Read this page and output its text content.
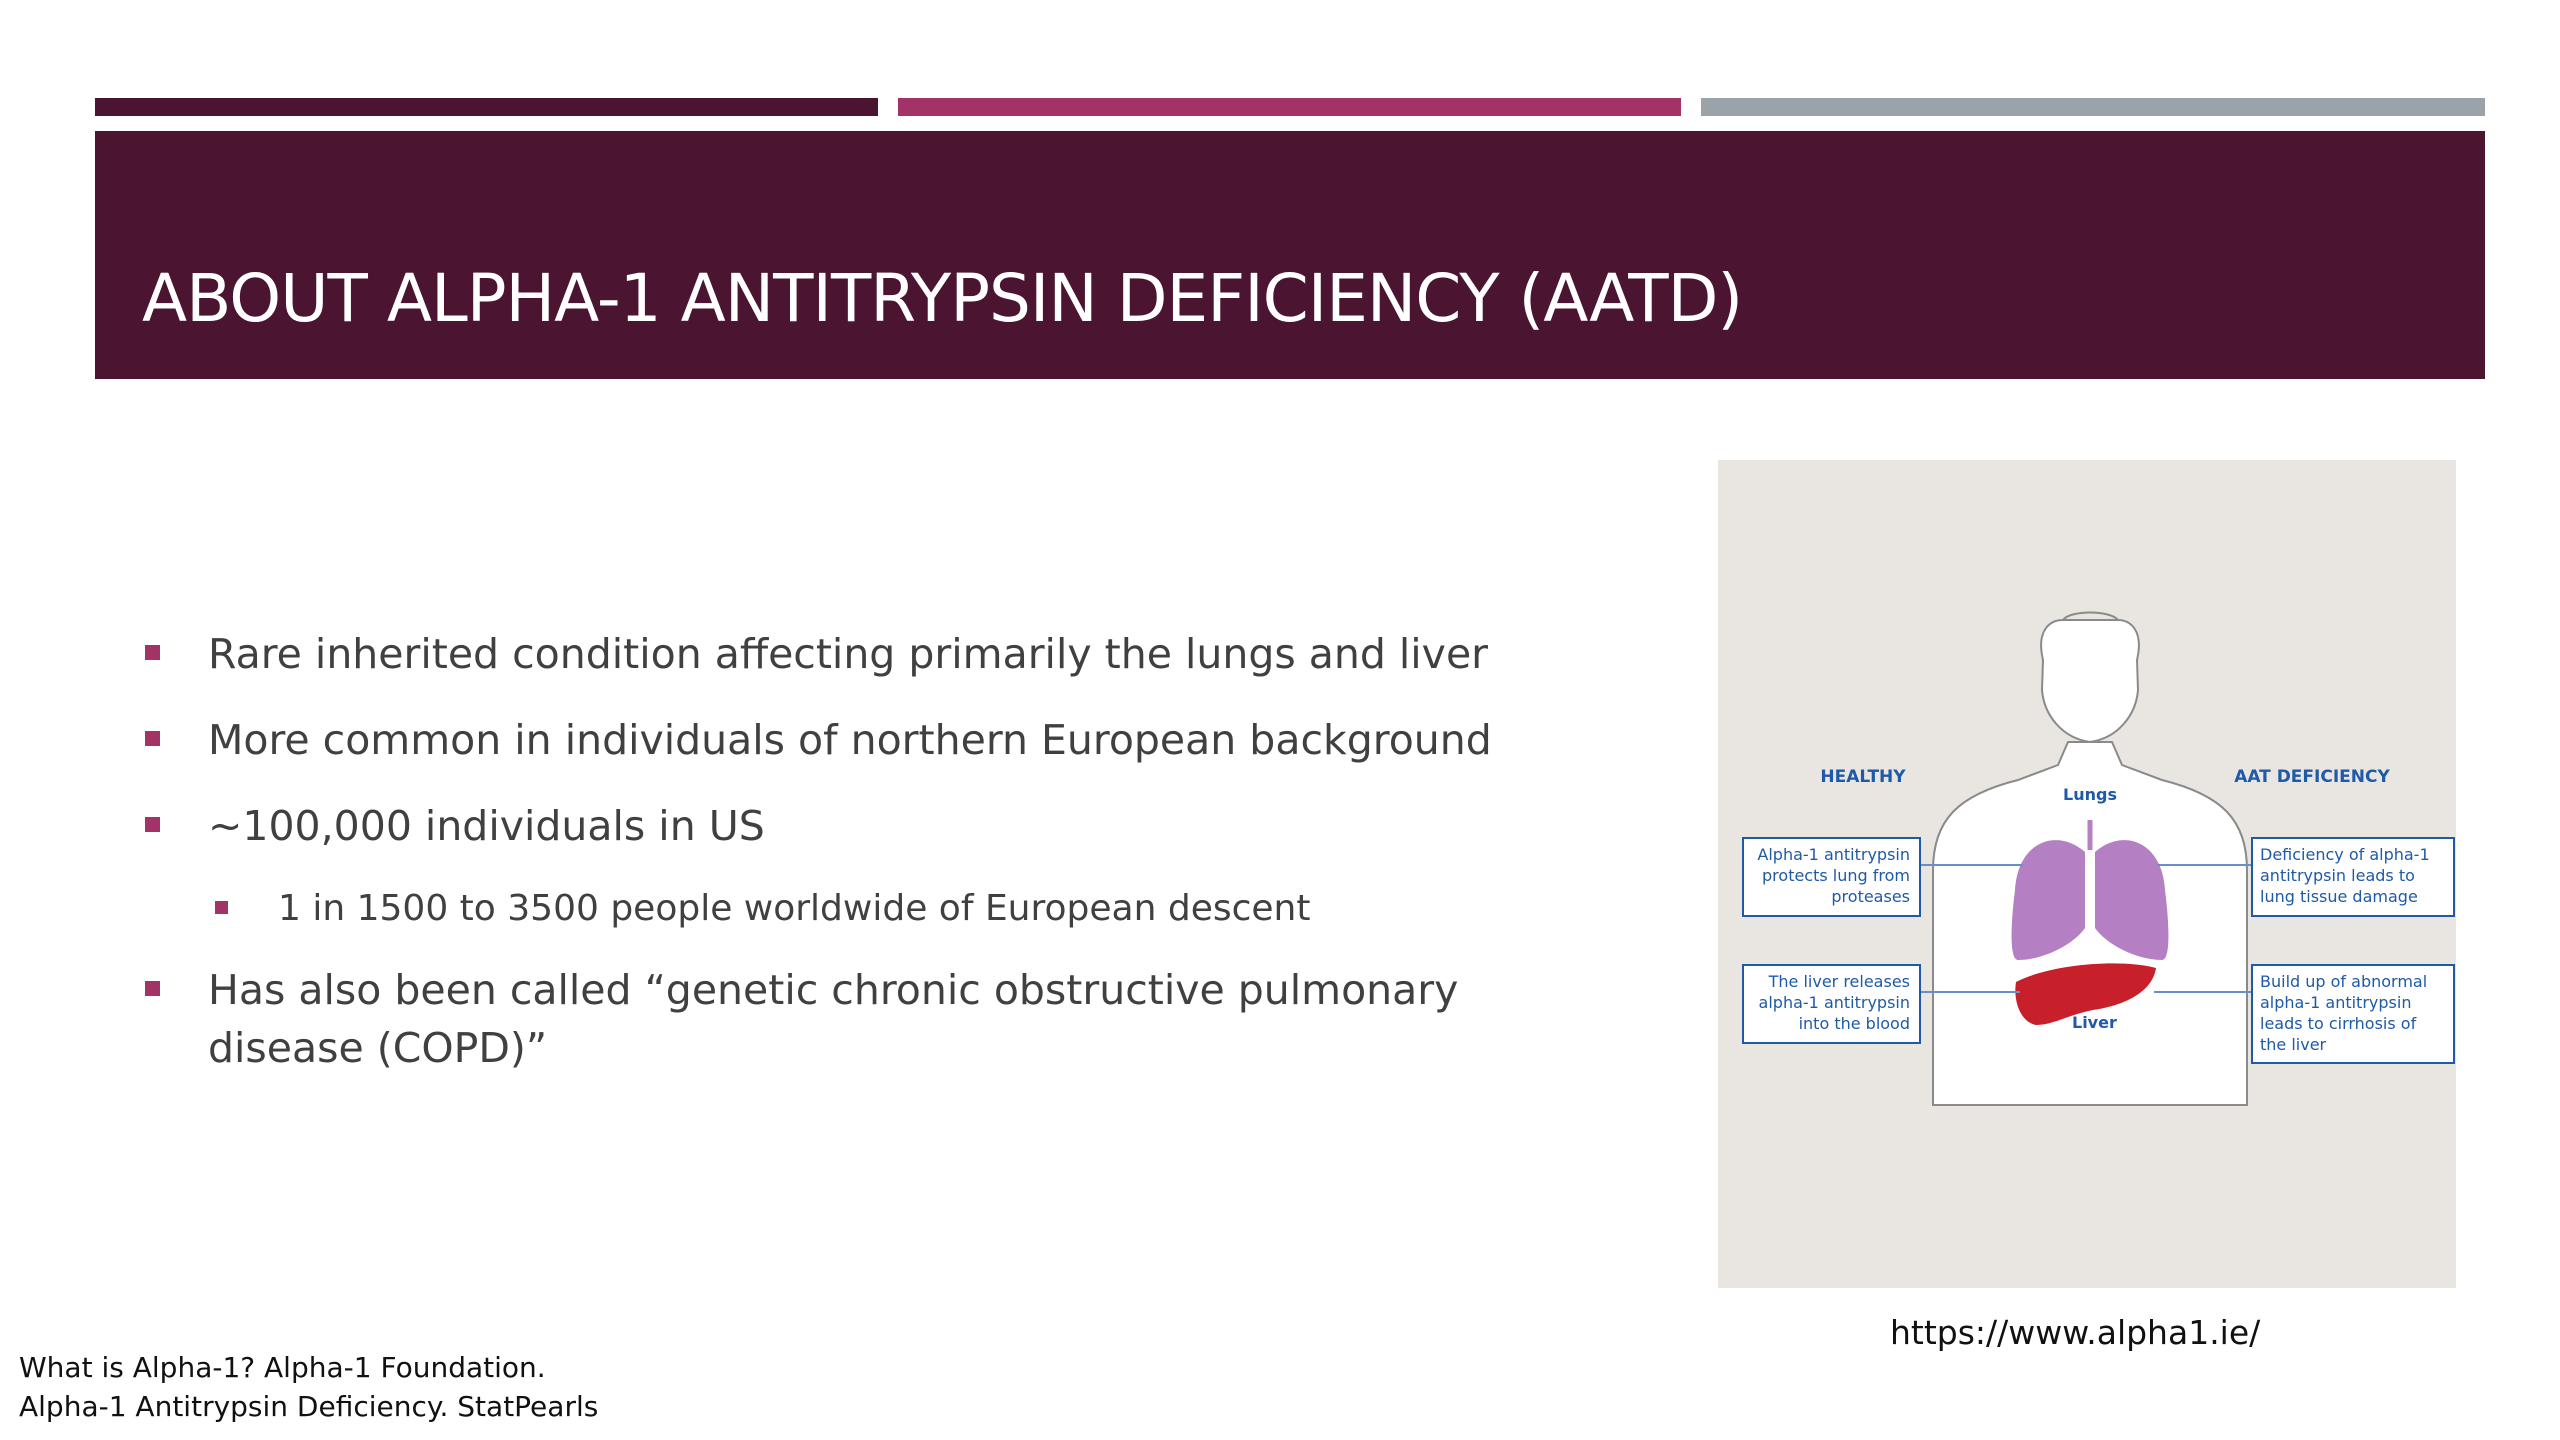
ABOUT ALPHA-1 ANTITRYPSIN DEFICIENCY (AATD)
Rare inherited condition affecting primarily the lungs and liver
More common in individuals of northern European background
~100,000 individuals in US
1 in 1500 to 3500 people worldwide of European descent
Has also been called “genetic chronic obstructive pulmonary disease (COPD)”
HEALTHY	AAT DEFICIENCY
Lungs
Liver
Alpha-1 antitrypsin
protects lung from
proteases
The liver releases
alpha-1 antitrypsin
into the blood
Deficiency of alpha-1
antitrypsin leads to
lung tissue damage
Build up of abnormal
alpha-1 antitrypsin
leads to cirrhosis of
the liver
https://www.alpha1.ie/
What is Alpha-1? Alpha-1 Foundation.
Alpha-1 Antitrypsin Deficiency. StatPearls
